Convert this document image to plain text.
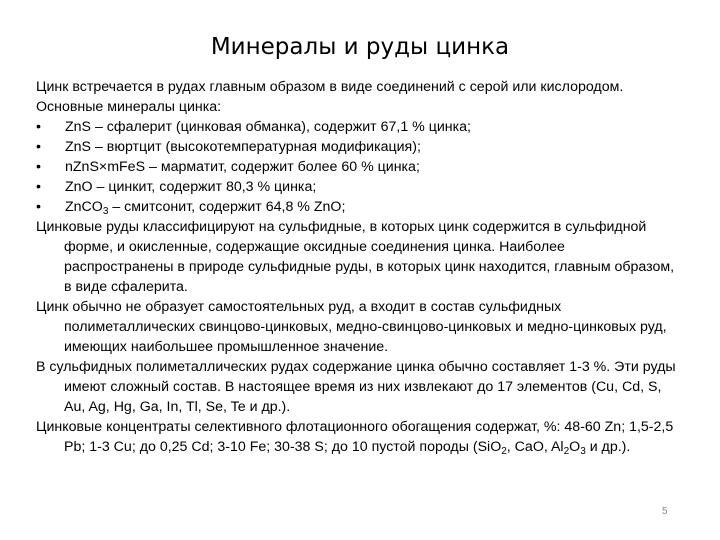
Минералы и руды цинка

Цинк встречается в рудах главным образом в виде соединений с серой или кислородом.

Основные минералы цинка:

• ZnS – сфалерит (цинковая обманка), содержит 67,1 % цинка;
• ZnS – вюртцит (высокотемпературная модификация);
• nZnS×mFeS – марматит, содержит более 60 % цинка;
• ZnO – цинкит, содержит 80,3 % цинка;
• ZnCO$_3$ – смитсонит, содержит 64,8 % ZnO;

Цинковые руды классифицируют на сульфидные, в которых цинк содержится в сульфидной форме, и окисленные, содержащие оксидные соединения цинка. Наиболее распространены в природе сульфидные руды, в которых цинк находится, главным образом, в виде сфалерита.

Цинк обычно не образует самостоятельных руд, а входит в состав сульфидных полиметаллических свинцово-цинковых, медно-свинцово-цинковых и медно-цинковых руд, имеющих наибольшее промышленное значение.

В сульфидных полиметаллических рудах содержание цинка обычно составляет 1-3 %. Эти руды имеют сложный состав. В настоящее время из них извлекают до 17 элементов (Cu, Cd, S, Au, Ag, Hg, Ga, In, Tl, Se, Te и др.).

Цинковые концентраты селективного флотационного обогащения содержат, %: 48-60 Zn; 1,5-2,5 Pb; 1-3 Cu; до 0,25 Cd; 3-10 Fe; 30-38 S; до 10 пустой породы (SiO$_2$, CaO, $Al_2O_3$ и др.).

5
